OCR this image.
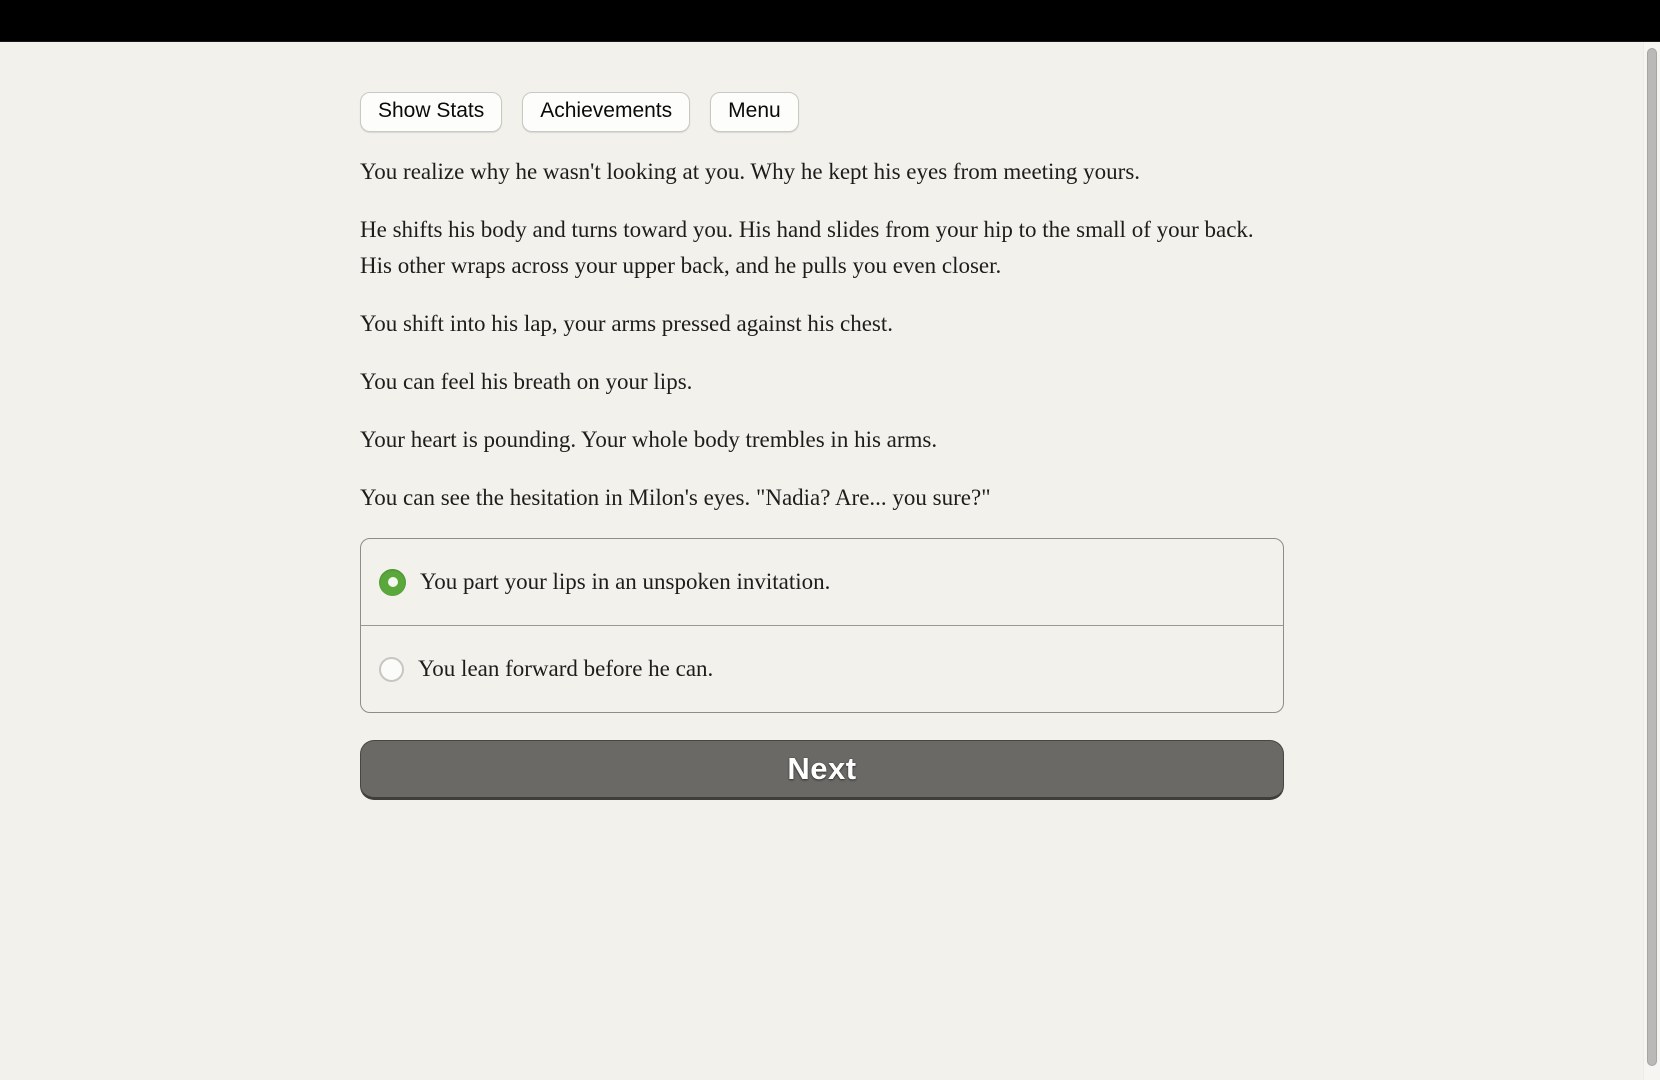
Show Stats	Achievements	Menu

You realize why he wasn't looking at you. Why he kept his eyes from meeting yours.

He shifts his body and turns toward you. His hand slides from your hip to the small of your back. His other wraps across your upper back, and he pulls you even closer.

You shift into his lap, your arms pressed against his chest.

You can feel his breath on your lips.

Your heart is pounding. Your whole body trembles in his arms.

You can see the hesitation in Milon's eyes. "Nadia? Are... you sure?"

You part your lips in an unspoken invitation.
You lean forward before he can.
Next
